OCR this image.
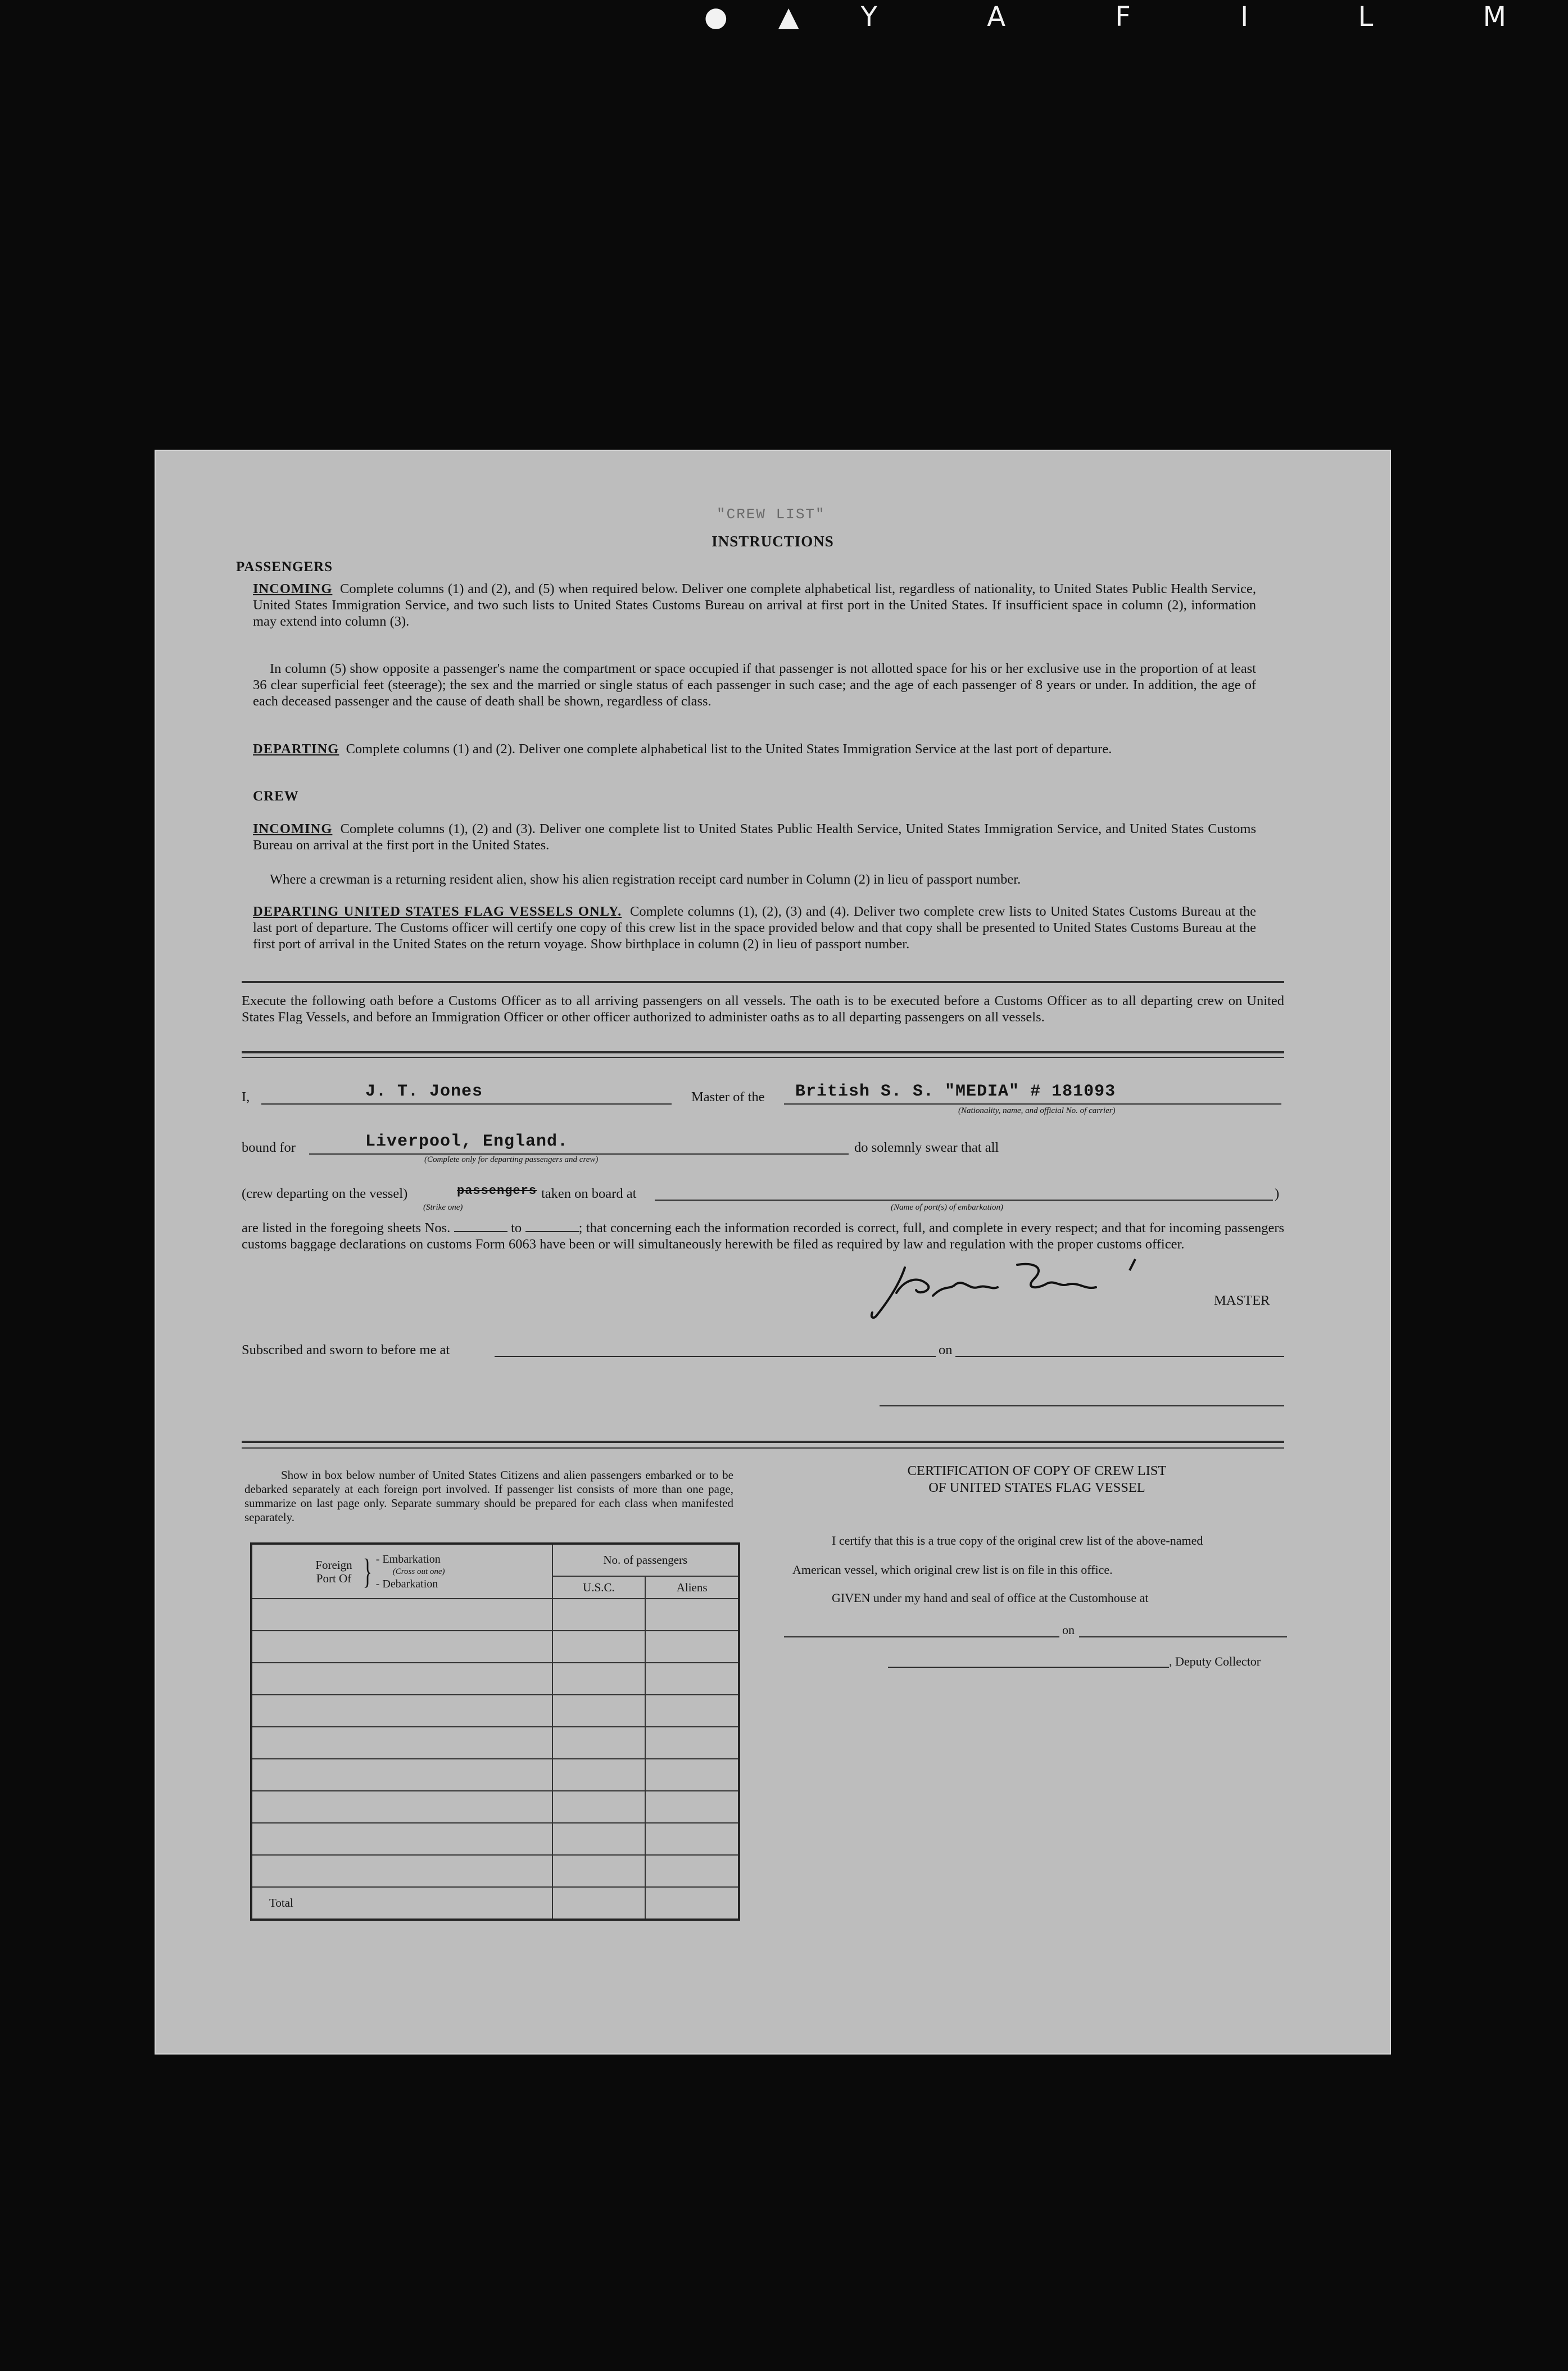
●▲ Y A F I L M
"CREW LIST"
INSTRUCTIONS
PASSENGERS
INCOMING Complete columns (1) and (2), and (5) when required below. Deliver one complete alphabetical list, regardless of nationality, to United States Public Health Service, United States Immigration Service, and two such lists to United States Customs Bureau on arrival at first port in the United States. If insufficient space in column (2), information may extend into column (3).
In column (5) show opposite a passenger's name the compartment or space occupied if that passenger is not allotted space for his or her exclusive use in the proportion of at least 36 clear superficial feet (steerage); the sex and the married or single status of each passenger in such case; and the age of each passenger of 8 years or under. In addition, the age of each deceased passenger and the cause of death shall be shown, regardless of class.
DEPARTING Complete columns (1) and (2). Deliver one complete alphabetical list to the United States Immigration Service at the last port of departure.
CREW
INCOMING Complete columns (1), (2) and (3). Deliver one complete list to United States Public Health Service, United States Immigration Service, and United States Customs Bureau on arrival at the first port in the United States.
Where a crewman is a returning resident alien, show his alien registration receipt card number in Column (2) in lieu of passport number.
DEPARTING UNITED STATES FLAG VESSELS ONLY. Complete columns (1), (2), (3) and (4). Deliver two complete crew lists to United States Customs Bureau at the last port of departure. The Customs officer will certify one copy of this crew list in the space provided below and that copy shall be presented to United States Customs Bureau at the first port of arrival in the United States on the return voyage. Show birthplace in column (2) in lieu of passport number.
Execute the following oath before a Customs Officer as to all arriving passengers on all vessels. The oath is to be executed before a Customs Officer as to all departing crew on United States Flag Vessels, and before an Immigration Officer or other officer authorized to administer oaths as to all departing passengers on all vessels.
I,	J. T. Jones	Master of the British S. S. "MEDIA" # 181093
(Nationality, name, and official No. of carrier)
bound for	Liverpool, England.
(Complete only for departing passengers and crew)
do solemnly swear that all
(crew departing on the vessel)	passengers
(Strike one)
taken on board at	)
(Name of port(s) of embarkation)
are listed in the foregoing sheets Nos.	to	; that concerning each the information recorded is correct, full, and complete in every respect; and that for incoming passengers customs baggage declarations on customs Form 6063 have been or will simultaneously herewith be filed as required by law and regulation with the proper customs officer.
MASTER
Subscribed and sworn to before me at	on
Show in box below number of United States Citizens and alien passengers embarked or to be debarked separately at each foreign port involved. If passenger list consists of more than one page, summarize on last page only. Separate summary should be prepared for each class when manifested separately.
Foreign Port Of } - Embarkation
(Cross out one)
- Debarkation	No. of passengers	
	U.S.C.	Aliens

Total		
CERTIFICATION OF COPY OF CREW LIST
OF UNITED STATES FLAG VESSEL
I certify that this is a true copy of the original crew list of the above-named
American vessel, which original crew list is on file in this office.
GIVEN under my hand and seal of office at the Customhouse at
on
, Deputy Collector
